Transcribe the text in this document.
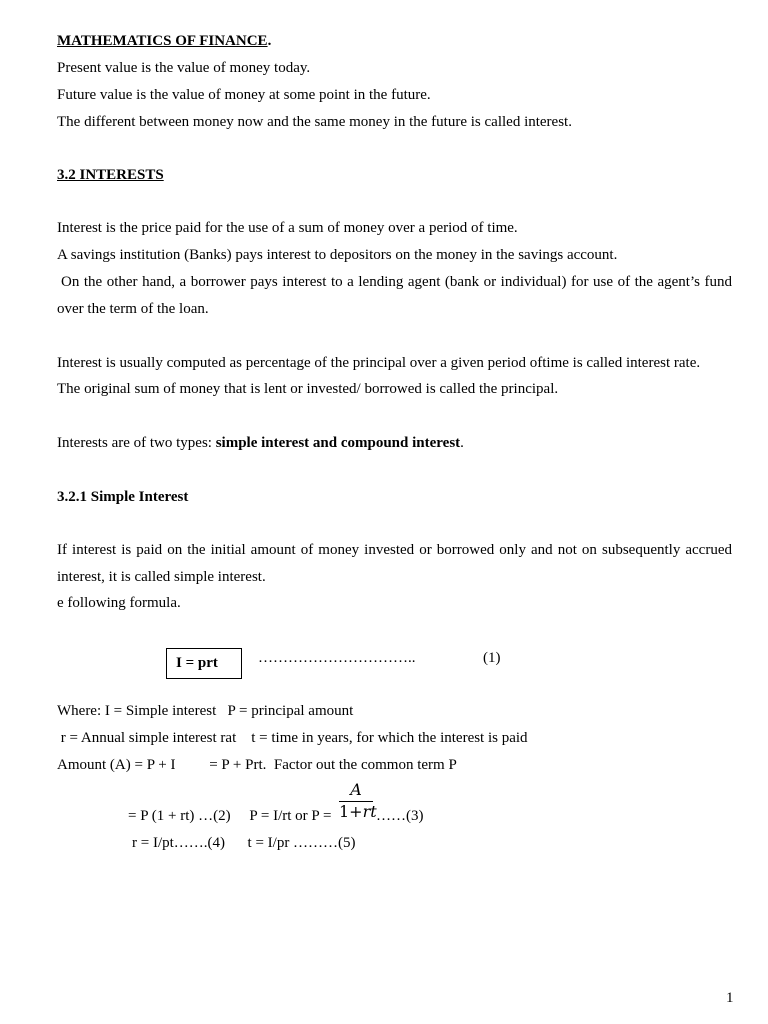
MATHEMATICS OF FINANCE.
Present value is the value of money today.
Future value is the value of money at some point in the future.
The different between money now and the same money in the future is called interest.
3.2 INTERESTS
Interest is the price paid for the use of a sum of money over a period of time.
A savings institution (Banks) pays interest to depositors on the money in the savings account.
On the other hand, a borrower pays interest to a lending agent (bank or individual) for use of the agent’s fund
over the term of the loan.
Interest is usually computed as percentage of the principal over a given period oftime is called interest rate.
The original sum of money that is lent or invested/ borrowed is called the principal.
Interests are of two types: simple interest and compound interest.
3.2.1 Simple Interest
If interest is paid on the initial amount of money invested or borrowed only and not on subsequently accrued
interest, it is called simple interest.
e following formula.
I = prt	…………………………..	(1)
Where: I = Simple interest   P = principal amount
r = Annual simple interest rat    t = time in years, for which the interest is paid
Amount (A) = P + I         = P + Prt.  Factor out the common term P
= P (1 + rt) …(2)     P = I/rt or $P = \frac{A}{1+rt}$ ……(3)
r = I/pt…….(4)      t = I/pr ………(5)
1
